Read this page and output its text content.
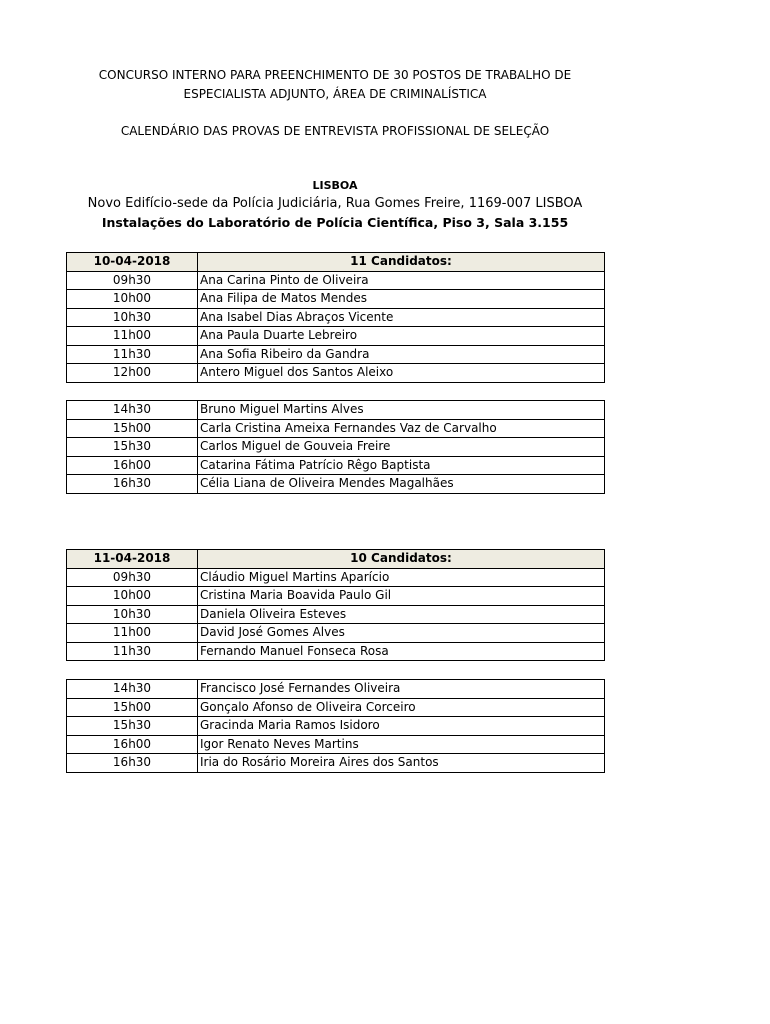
CONCURSO INTERNO PARA PREENCHIMENTO DE 30 POSTOS DE TRABALHO DE
ESPECIALISTA ADJUNTO, ÁREA DE CRIMINALÍSTICA
CALENDÁRIO DAS PROVAS DE ENTREVISTA PROFISSIONAL DE SELEÇÃO
LISBOA
Novo Edifício-sede da Polícia Judiciária, Rua Gomes Freire, 1169-007 LISBOA
Instalações do Laboratório de Polícia Científica, Piso 3, Sala 3.155
10-04-2018	11 Candidatos:
09h30	Ana Carina Pinto de Oliveira
10h00	Ana Filipa de Matos Mendes
10h30	Ana Isabel Dias Abraços Vicente
11h00	Ana Paula Duarte Lebreiro
11h30	Ana Sofia Ribeiro da Gandra
12h00	Antero Miguel dos Santos Aleixo
14h30	Bruno Miguel Martins Alves
15h00	Carla Cristina Ameixa Fernandes Vaz de Carvalho
15h30	Carlos Miguel de Gouveia Freire
16h00	Catarina Fátima Patrício Rêgo Baptista
16h30	Célia Liana de Oliveira Mendes Magalhães
11-04-2018	10 Candidatos:
09h30	Cláudio Miguel Martins Aparício
10h00	Cristina Maria Boavida Paulo Gil
10h30	Daniela Oliveira Esteves
11h00	David José Gomes Alves
11h30	Fernando Manuel Fonseca Rosa
14h30	Francisco José Fernandes Oliveira
15h00	Gonçalo Afonso de Oliveira Corceiro
15h30	Gracinda Maria Ramos Isidoro
16h00	Igor Renato Neves Martins
16h30	Iria do Rosário Moreira Aires dos Santos
